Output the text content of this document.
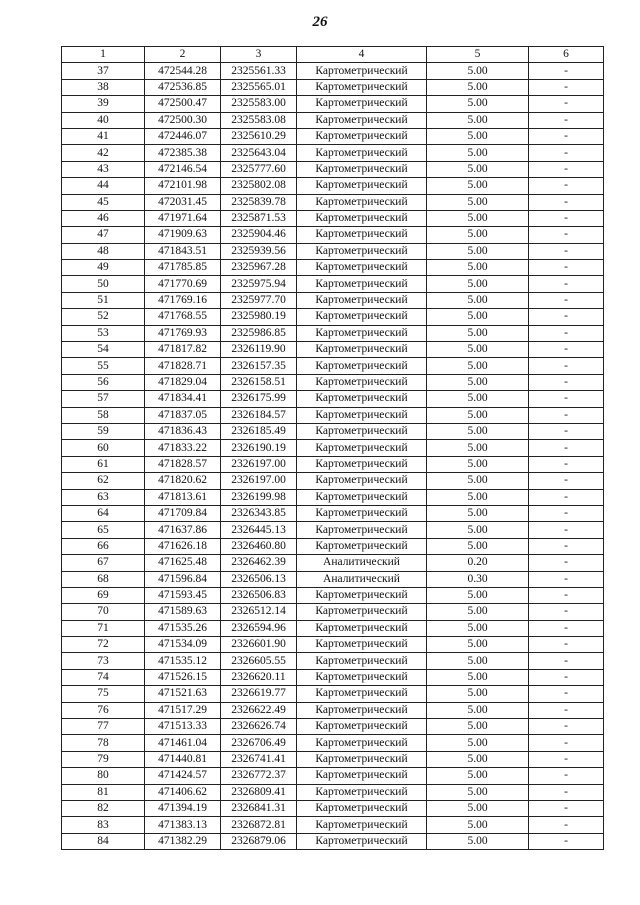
26
1	2	3	4	5	6
37	472544.28	2325561.33	Картометрический	5.00	-
38	472536.85	2325565.01	Картометрический	5.00	-
39	472500.47	2325583.00	Картометрический	5.00	-
40	472500.30	2325583.08	Картометрический	5.00	-
41	472446.07	2325610.29	Картометрический	5.00	-
42	472385.38	2325643.04	Картометрический	5.00	-
43	472146.54	2325777.60	Картометрический	5.00	-
44	472101.98	2325802.08	Картометрический	5.00	-
45	472031.45	2325839.78	Картометрический	5.00	-
46	471971.64	2325871.53	Картометрический	5.00	-
47	471909.63	2325904.46	Картометрический	5.00	-
48	471843.51	2325939.56	Картометрический	5.00	-
49	471785.85	2325967.28	Картометрический	5.00	-
50	471770.69	2325975.94	Картометрический	5.00	-
51	471769.16	2325977.70	Картометрический	5.00	-
52	471768.55	2325980.19	Картометрический	5.00	-
53	471769.93	2325986.85	Картометрический	5.00	-
54	471817.82	2326119.90	Картометрический	5.00	-
55	471828.71	2326157.35	Картометрический	5.00	-
56	471829.04	2326158.51	Картометрический	5.00	-
57	471834.41	2326175.99	Картометрический	5.00	-
58	471837.05	2326184.57	Картометрический	5.00	-
59	471836.43	2326185.49	Картометрический	5.00	-
60	471833.22	2326190.19	Картометрический	5.00	-
61	471828.57	2326197.00	Картометрический	5.00	-
62	471820.62	2326197.00	Картометрический	5.00	-
63	471813.61	2326199.98	Картометрический	5.00	-
64	471709.84	2326343.85	Картометрический	5.00	-
65	471637.86	2326445.13	Картометрический	5.00	-
66	471626.18	2326460.80	Картометрический	5.00	-
67	471625.48	2326462.39	Аналитический	0.20	-
68	471596.84	2326506.13	Аналитический	0.30	-
69	471593.45	2326506.83	Картометрический	5.00	-
70	471589.63	2326512.14	Картометрический	5.00	-
71	471535.26	2326594.96	Картометрический	5.00	-
72	471534.09	2326601.90	Картометрический	5.00	-
73	471535.12	2326605.55	Картометрический	5.00	-
74	471526.15	2326620.11	Картометрический	5.00	-
75	471521.63	2326619.77	Картометрический	5.00	-
76	471517.29	2326622.49	Картометрический	5.00	-
77	471513.33	2326626.74	Картометрический	5.00	-
78	471461.04	2326706.49	Картометрический	5.00	-
79	471440.81	2326741.41	Картометрический	5.00	-
80	471424.57	2326772.37	Картометрический	5.00	-
81	471406.62	2326809.41	Картометрический	5.00	-
82	471394.19	2326841.31	Картометрический	5.00	-
83	471383.13	2326872.81	Картометрический	5.00	-
84	471382.29	2326879.06	Картометрический	5.00	-
